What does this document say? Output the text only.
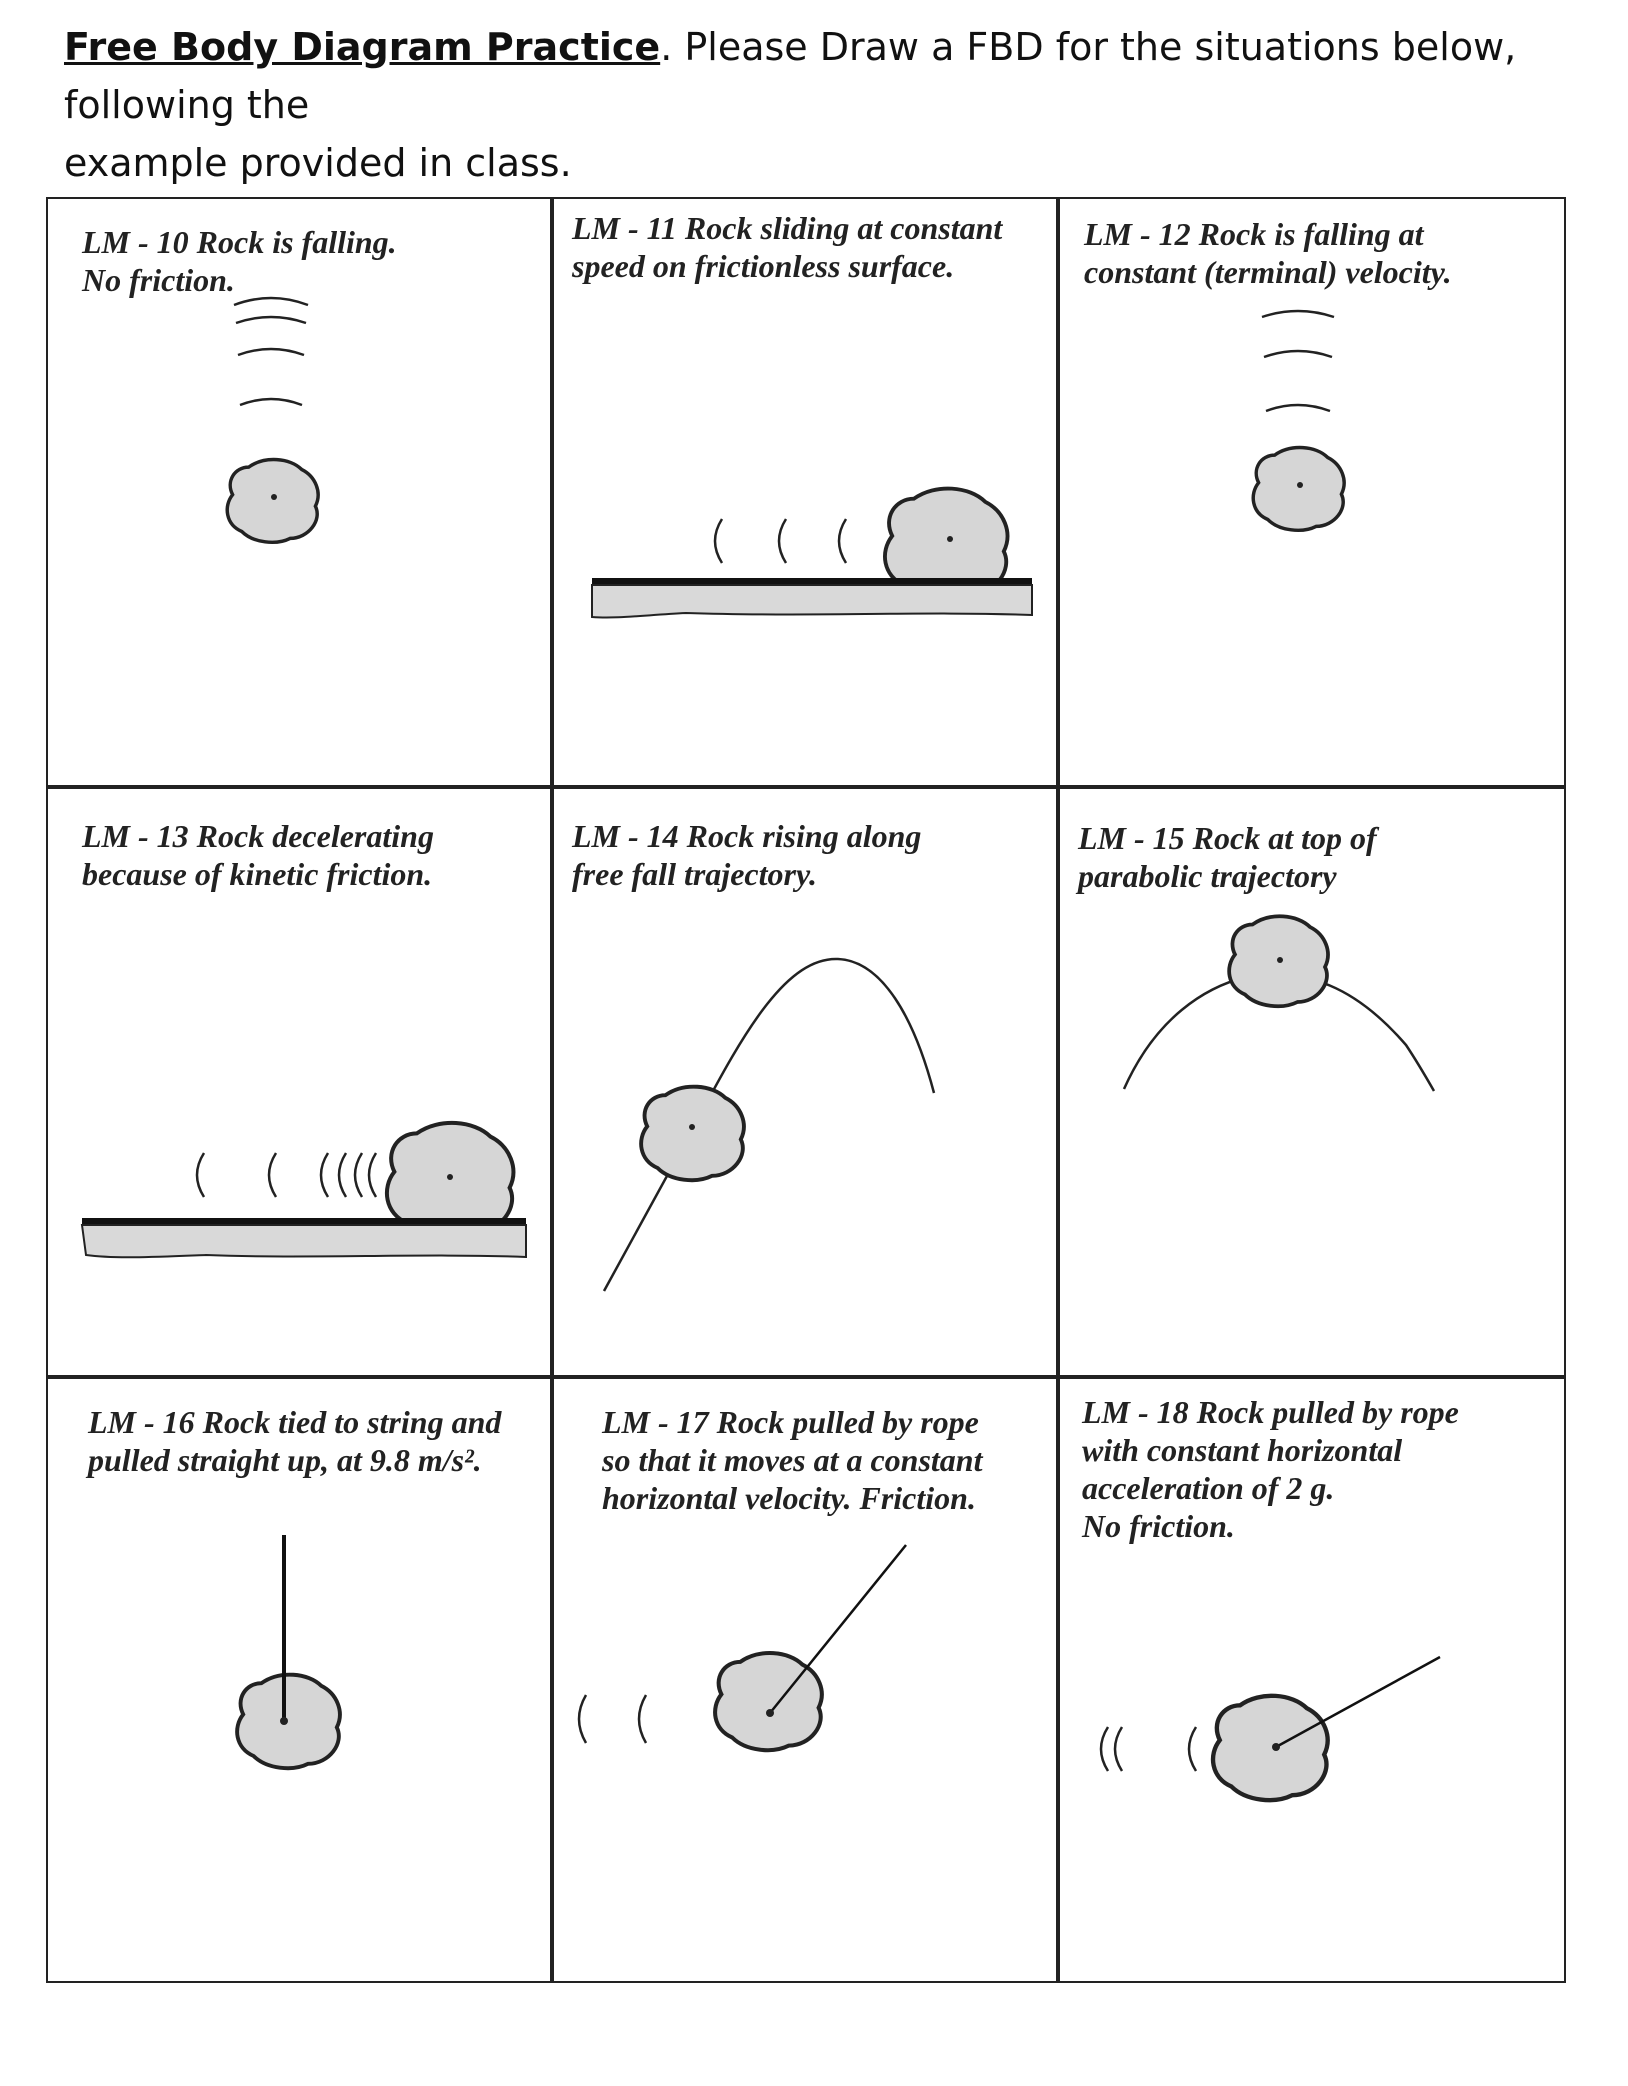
Free Body Diagram Practice. Please Draw a FBD for the situations below, following the
example provided in class.
LM - 10 Rock is falling.
No friction.
LM - 11 Rock sliding at constant
speed on frictionless surface.
LM - 12 Rock is falling at
constant (terminal) velocity.
LM - 13 Rock decelerating
because of kinetic friction.
LM - 14 Rock rising along
free fall trajectory.
LM - 15 Rock at top of
parabolic trajectory
LM - 16 Rock tied to string and
pulled straight up, at 9.8 m/s².
LM - 17 Rock pulled by rope
so that it moves at a constant
horizontal velocity. Friction.
LM - 18 Rock pulled by rope
with constant horizontal
acceleration of 2 g.
No friction.
